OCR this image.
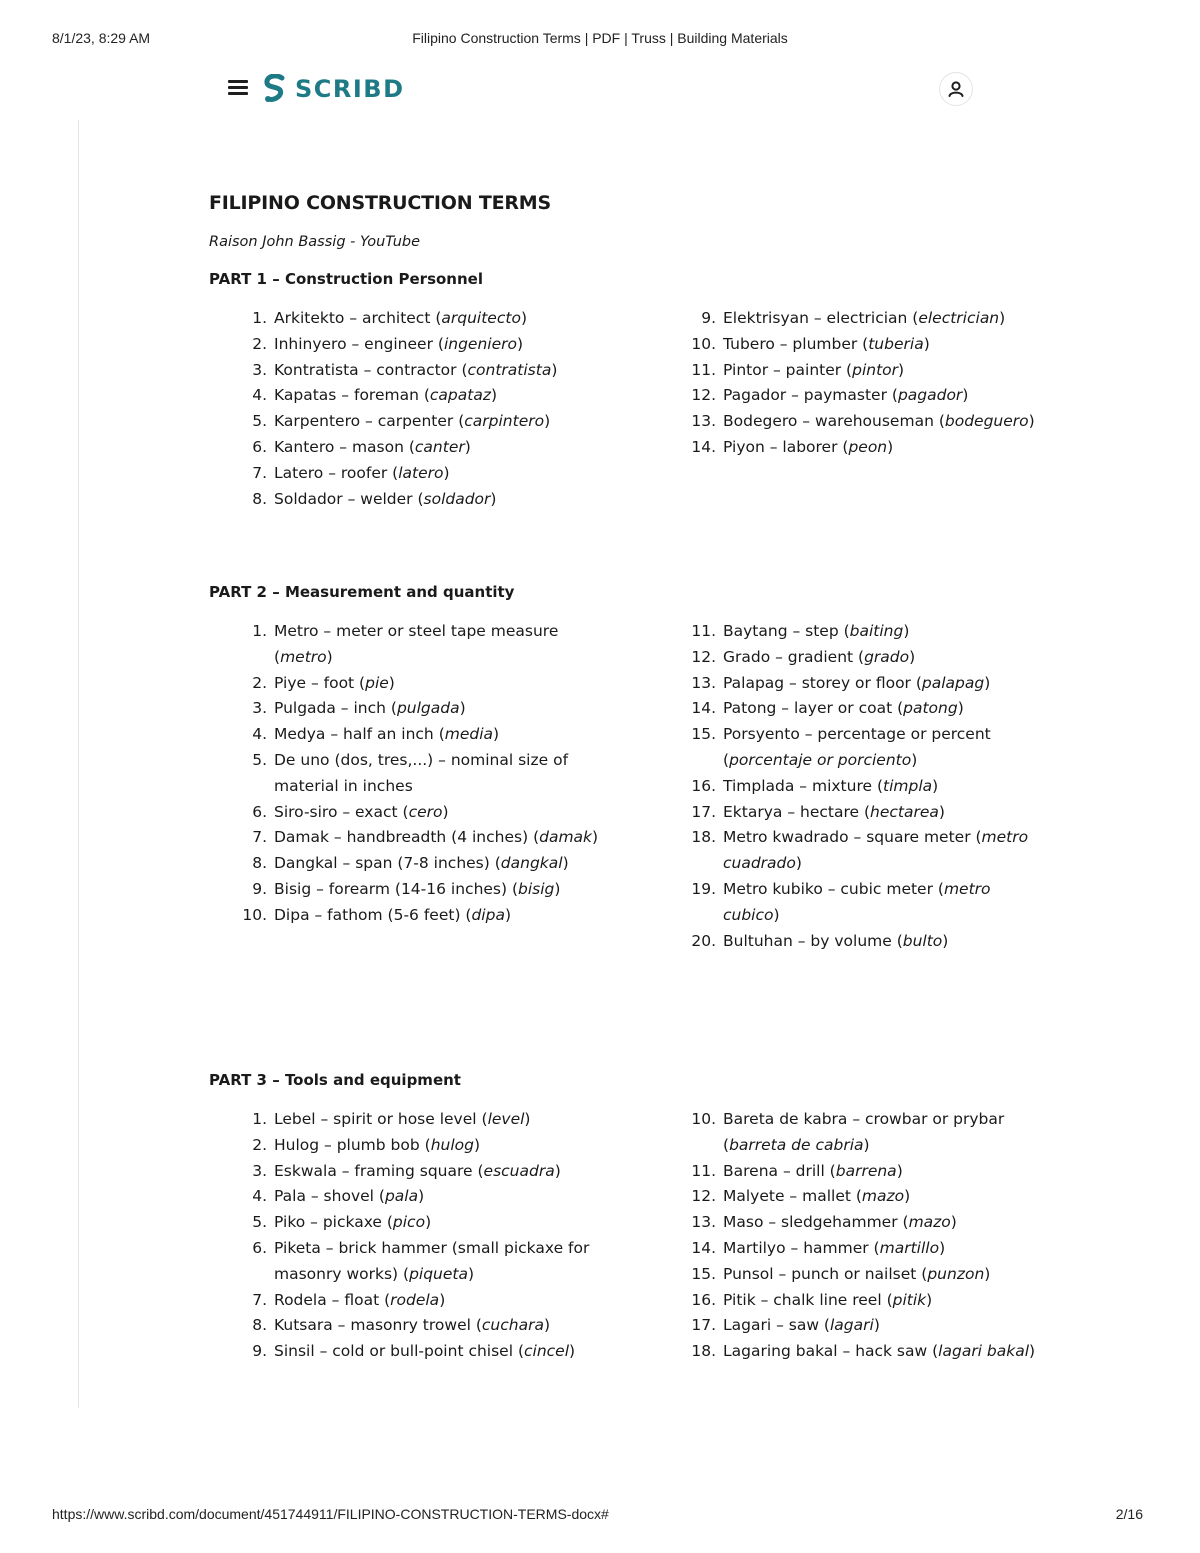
8/1/23, 8:29 AM	Filipino Construction Terms | PDF | Truss | Building Materials
SCRIBD
FILIPINO CONSTRUCTION TERMS
Raison John Bassig - YouTube
PART 1 – Construction Personnel
1. Arkitekto – architect (arquitecto)
2. Inhinyero – engineer (ingeniero)
3. Kontratista – contractor (contratista)
4. Kapatas – foreman (capataz)
5. Karpentero – carpenter (carpintero)
6. Kantero – mason (canter)
7. Latero – roofer (latero)
8. Soldador – welder (soldador)
9. Elektrisyan – electrician (electrician)
10. Tubero – plumber (tuberia)
11. Pintor – painter (pintor)
12. Pagador – paymaster (pagador)
13. Bodegero – warehouseman (bodeguero)
14. Piyon – laborer (peon)
PART 2 – Measurement and quantity
1. Metro – meter or steel tape measure (metro)
2. Piye – foot (pie)
3. Pulgada – inch (pulgada)
4. Medya – half an inch (media)
5. De uno (dos, tres,...) – nominal size of material in inches
6. Siro-siro – exact (cero)
7. Damak – handbreadth (4 inches) (damak)
8. Dangkal – span (7-8 inches) (dangkal)
9. Bisig – forearm (14-16 inches) (bisig)
10. Dipa – fathom (5-6 feet) (dipa)
11. Baytang – step (baiting)
12. Grado – gradient (grado)
13. Palapag – storey or floor (palapag)
14. Patong – layer or coat (patong)
15. Porsyento – percentage or percent (porcentaje or porciento)
16. Timplada – mixture (timpla)
17. Ektarya – hectare (hectarea)
18. Metro kwadrado – square meter (metro cuadrado)
19. Metro kubiko – cubic meter (metro cubico)
20. Bultuhan – by volume (bulto)
PART 3 – Tools and equipment
1. Lebel – spirit or hose level (level)
2. Hulog – plumb bob (hulog)
3. Eskwala – framing square (escuadra)
4. Pala – shovel (pala)
5. Piko – pickaxe (pico)
6. Piketa – brick hammer (small pickaxe for masonry works) (piqueta)
7. Rodela – float (rodela)
8. Kutsara – masonry trowel (cuchara)
9. Sinsil – cold or bull-point chisel (cincel)
10. Bareta de kabra – crowbar or prybar (barreta de cabria)
11. Barena – drill (barrena)
12. Malyete – mallet (mazo)
13. Maso – sledgehammer (mazo)
14. Martilyo – hammer (martillo)
15. Punsol – punch or nailset (punzon)
16. Pitik – chalk line reel (pitik)
17. Lagari – saw (lagari)
18. Lagaring bakal – hack saw (lagari bakal)
https://www.scribd.com/document/451744911/FILIPINO-CONSTRUCTION-TERMS-docx#	2/16
